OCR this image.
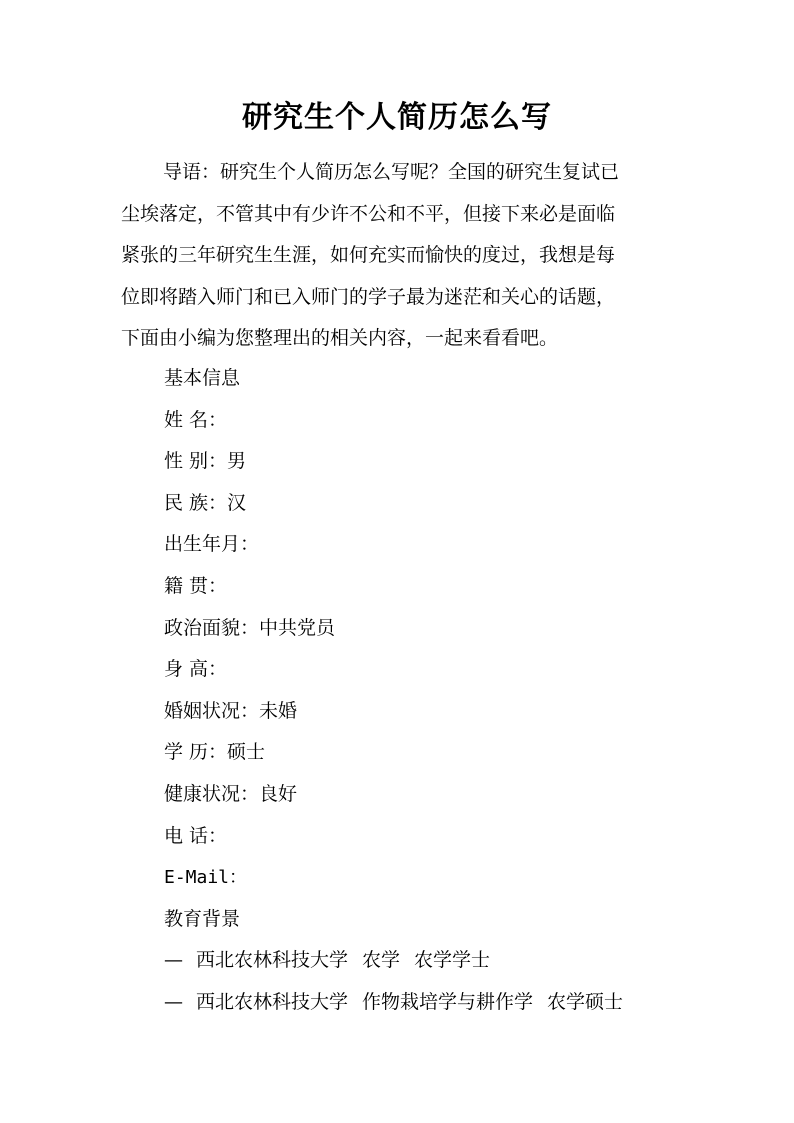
研究生个人简历怎么写
导语：研究生个人简历怎么写呢？全国的研究生复试已
尘埃落定，不管其中有少许不公和不平，但接下来必是面临
紧张的三年研究生生涯，如何充实而愉快的度过，我想是每
位即将踏入师门和已入师门的学子最为迷茫和关心的话题，
下面由小编为您整理出的相关内容，一起来看看吧。
基本信息
姓 名：
性 别：男
民 族：汉
出生年月：
籍 贯：
政治面貌：中共党员
身 高：
婚姻状况：未婚
学 历：硕士
健康状况：良好
电 话：
E-Mail：
教育背景
— 西北农林科技大学 农学 农学学士
— 西北农林科技大学 作物栽培学与耕作学 农学硕士
